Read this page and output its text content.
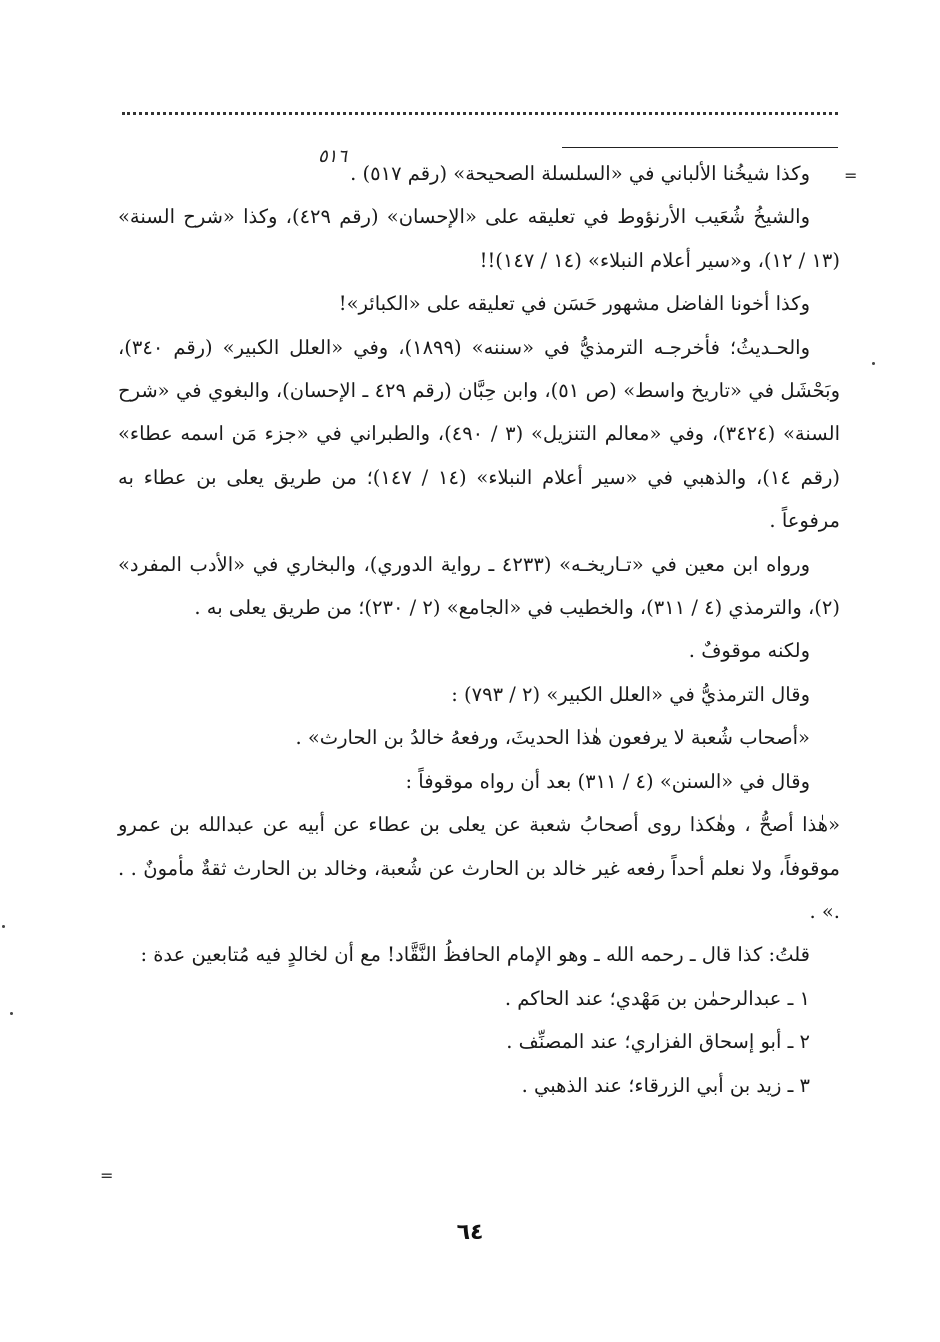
٥١٦
=
=

وكذا شيخُنا الألباني في «السلسلة الصحيحة» (رقم ٥١٧) .

والشيخُ شُعَيب الأرنؤوط في تعليقه على «الإحسان» (رقم ٤٢٩)، وكذا «شرح السنة» (١٣ / ١٢)، و«سير أعلام النبلاء» (١٤ / ١٤٧)!!

وكذا أخونا الفاضل مشهور حَسَن في تعليقه على «الكبائر»!

والحـديثُ؛ فأخرجـه الترمذيُّ في «سننه» (١٨٩٩)، وفي «العلل الكبير» (رقم ٣٤٠)، وبَحْشَل في «تاريخ واسط» (ص ٥١)، وابن حِبَّان (رقم ٤٢٩ ـ الإحسان)، والبغوي في «شرح السنة» (٣٤٢٤)، وفي «معالم التنزيل» (٣ / ٤٩٠)، والطبراني في «جزء مَن اسمه عطاء» (رقم ١٤)، والذهبي في «سير أعلام النبلاء» (١٤ / ١٤٧)؛ من طريق يعلى بن عطاء به مرفوعاً .

ورواه ابن معين في «تـاريخـه» (٤٢٣٣ ـ رواية الدوري)، والبخاري في «الأدب المفرد» (٢)، والترمذي (٤ / ٣١١)، والخطيب في «الجامع» (٢ / ٢٣٠)؛ من طريق يعلى به .

ولكنه موقوفٌ .

وقال الترمذيُّ في «العلل الكبير» (٢ / ٧٩٣) :

«أصحاب شُعبة لا يرفعون هٰذا الحديثَ، ورفعهُ خالدُ بن الحارث» .

وقال في «السنن» (٤ / ٣١١) بعد أن رواه موقوفاً :

«هٰذا أصحُّ ، وهٰكذا روى أصحابُ شعبة عن يعلى بن عطاء عن أبيه عن عبدالله بن عمرو موقوفاً، ولا نعلم أحداً رفعه غير خالد بن الحارث عن شُعبة، وخالد بن الحارث ثقةٌ مأمونٌ . . .» .

قلتُ: كذا قال ـ رحمه الله ـ وهو الإمام الحافظُ النَّقَّاد! مع أن لخالدٍ فيه مُتابعين عدة :

١ ـ عبدالرحمٰن بن مَهْدي؛ عند الحاكم .

٢ ـ أبو إسحاق الفزاري؛ عند المصنِّف .

٣ ـ زيد بن أبي الزرقاء؛ عند الذهبي .

٦٤
